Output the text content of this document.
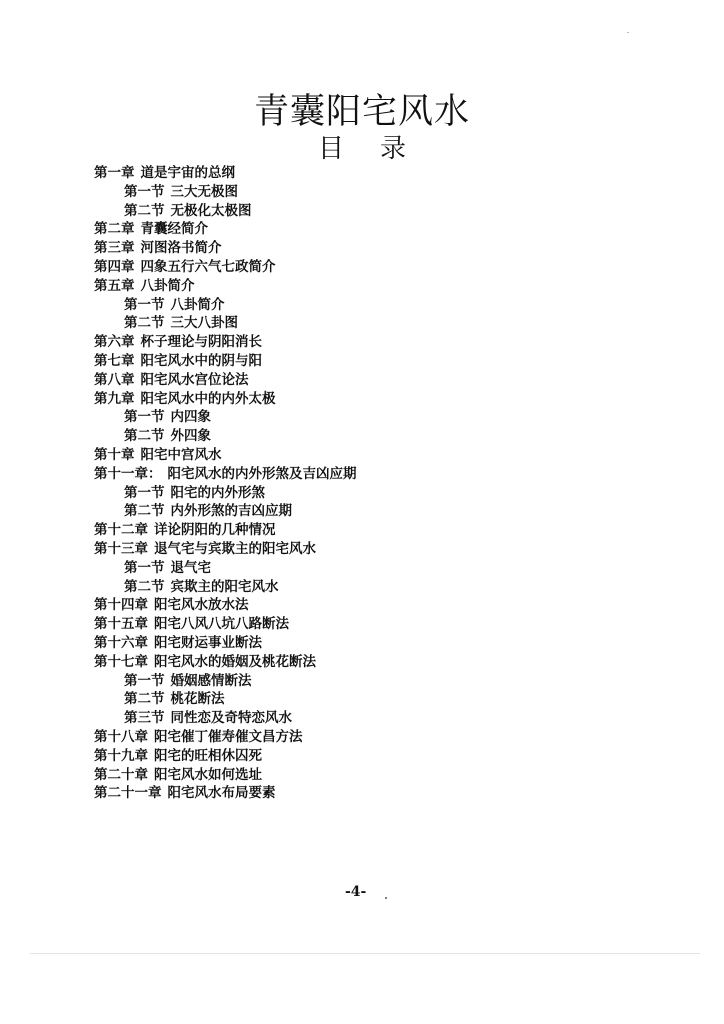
青囊阳宅风水
目录
第一章 道是宇宙的总纲
第一节 三大无极图
第二节 无极化太极图
第二章 青囊经简介
第三章 河图洛书简介
第四章 四象五行六气七政简介
第五章 八卦简介
第一节 八卦简介
第二节 三大八卦图
第六章 杯子理论与阴阳消长
第七章 阳宅风水中的阴与阳
第八章 阳宅风水宫位论法
第九章 阳宅风水中的内外太极
第一节 内四象
第二节 外四象
第十章 阳宅中宫风水
第十一章： 阳宅风水的内外形煞及吉凶应期
第一节 阳宅的内外形煞
第二节 内外形煞的吉凶应期
第十二章 详论阴阳的几种情况
第十三章 退气宅与宾欺主的阳宅风水
第一节 退气宅
第二节 宾欺主的阳宅风水
第十四章 阳宅风水放水法
第十五章 阳宅八风八坑八路断法
第十六章 阳宅财运事业断法
第十七章 阳宅风水的婚姻及桃花断法
第一节 婚姻感情断法
第二节 桃花断法
第三节 同性恋及奇特恋风水
第十八章 阳宅催丁催寿催文昌方法
第十九章 阳宅的旺相休囚死
第二十章 阳宅风水如何选址
第二十一章 阳宅风水布局要素
-4-
